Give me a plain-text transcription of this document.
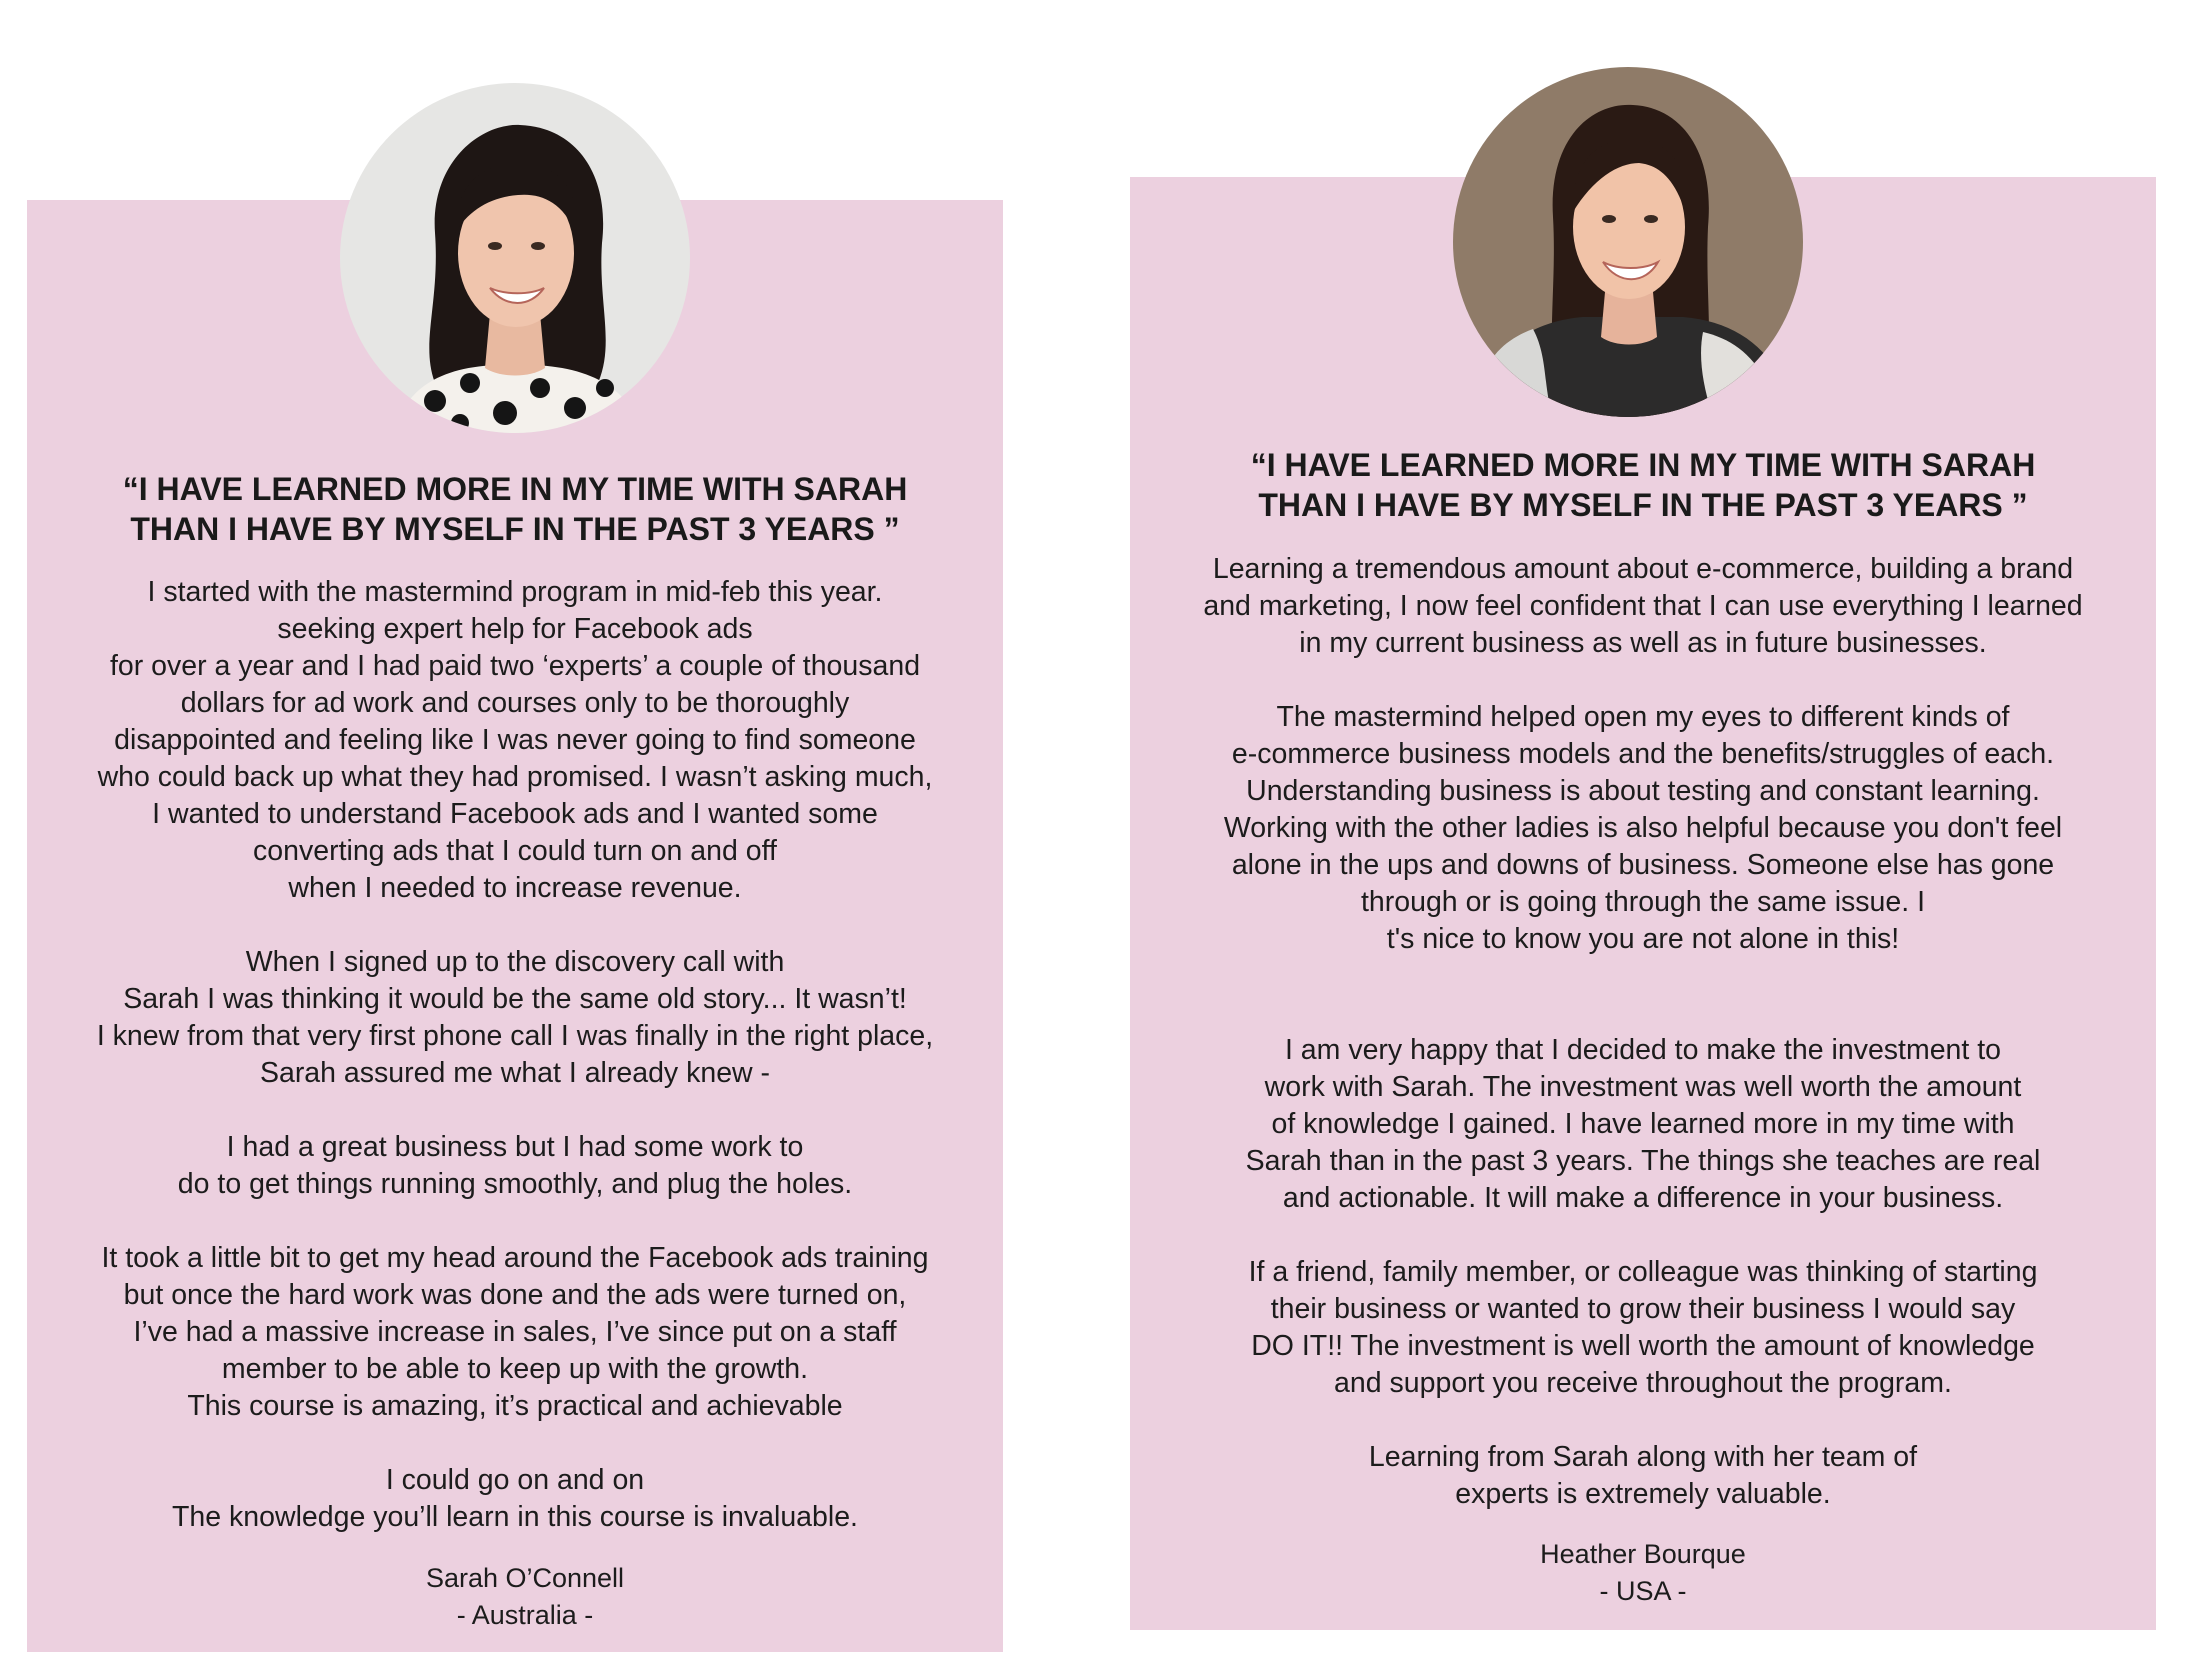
“I HAVE LEARNED MORE IN MY TIME WITH SARAH
THAN I HAVE BY MYSELF IN THE PAST 3 YEARS ”
I started with the mastermind program in mid-feb this year.
seeking expert help for Facebook ads
for over a year and I had paid two ‘experts’ a couple of thousand
dollars for ad work and courses only to be thoroughly
disappointed and feeling like I was never going to find someone
who could back up what they had promised. I wasn’t asking much,
I wanted to understand Facebook ads and I wanted some
converting ads that I could turn on and off
when I needed to increase revenue.
When I signed up to the discovery call with
Sarah I was thinking it would be the same old story... It wasn’t!
I knew from that very first phone call I was finally in the right place,
Sarah assured me what I already knew -
I had a great business but I had some work to
do to get things running smoothly, and plug the holes.
It took a little bit to get my head around the Facebook ads training
but once the hard work was done and the ads were turned on,
I’ve had a massive increase in sales, I’ve since put on a staff
member to be able to keep up with the growth.
This course is amazing, it’s practical and achievable
I could go on and on
The knowledge you’ll learn in this course is invaluable.
Sarah O’Connell
- Australia -
“I HAVE LEARNED MORE IN MY TIME WITH SARAH
THAN I HAVE BY MYSELF IN THE PAST 3 YEARS ”
Learning a tremendous amount about e-commerce, building a brand
and marketing, I now feel confident that I can use everything I learned
in my current business as well as in future businesses.
The mastermind helped open my eyes to different kinds of
e-commerce business models and the benefits/struggles of each.
Understanding business is about testing and constant learning.
Working with the other ladies is also helpful because you don't feel
alone in the ups and downs of business. Someone else has gone
through or is going through the same issue. I
t's nice to know you are not alone in this!
I am very happy that I decided to make the investment to
work with Sarah. The investment was well worth the amount
of knowledge I gained. I have learned more in my time with
Sarah than in the past 3 years. The things she teaches are real
and actionable. It will make a difference in your business.
If a friend, family member, or colleague was thinking of starting
their business or wanted to grow their business I would say
DO IT!! The investment is well worth the amount of knowledge
and support you receive throughout the program.
Learning from Sarah along with her team of
experts is extremely valuable.
Heather Bourque
- USA -
